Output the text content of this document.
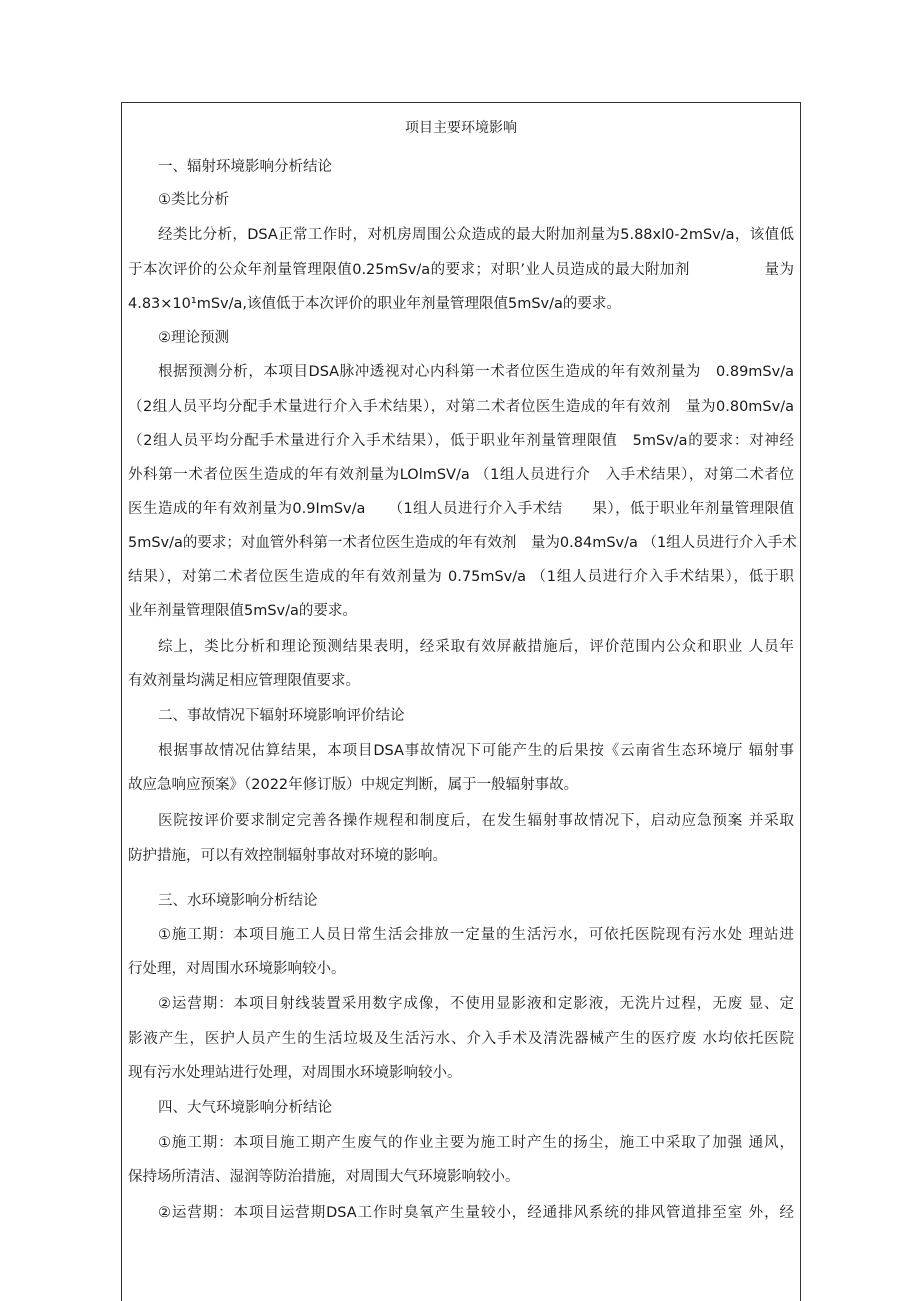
项目主要环境影响
一、辐射环境影响分析结论
①类比分析
经类比分析，DSA正常工作时，对机房周围公众造成的最大附加剂量为5.88xl0-2mSv/a，该值低
于本次评价的公众年剂量管理限值0.25mSv/a的要求；对职’业人员造成的最大附加剂　　　　　量为
4.83×10¹mSv/a,该值低于本次评价的职业年剂量管理限值5mSv/a的要求。
②理论预测
根据预测分析，本项目DSA脉冲透视对心内科第一术者位医生造成的年有效剂量为　0.89mSv/a
（2组人员平均分配手术量进行介入手术结果），对第二术者位医生造成的年有效剂　量为0.80mSv/a
（2组人员平均分配手术量进行介入手术结果），低于职业年剂量管理限值　5mSv/a的要求：对神经
外科第一术者位医生造成的年有效剂量为LOlmSV/a （1组人员进行介　入手术结果），对第二术者位
医生造成的年有效剂量为0.9ImSv/a　　（1组人员进行介入手术结　　果），低于职业年剂量管理限值
5mSv/a的要求；对血管外科第一术者位医生造成的年有效剂　量为0.84mSv/a （1组人员进行介入手术
结果），对第二术者位医生造成的年有效剂量为 0.75mSv/a （1组人员进行介入手术结果），低于职
业年剂量管理限值5mSv/a的要求。
综上，类比分析和理论预测结果表明，经采取有效屏蔽措施后，评价范围内公众和职业 人员年
有效剂量均满足相应管理限值要求。
二、事故情况下辐射环境影响评价结论
根据事故情况估算结果，本项目DSA事故情况下可能产生的后果按《云南省生态环境厅 辐射事
故应急响应预案》（2022年修订版）中规定判断，属于一般辐射事故。
医院按评价要求制定完善各操作规程和制度后，在发生辐射事故情况下，启动应急预案 并采取
防护措施，可以有效控制辐射事故对环境的影响。
三、水环境影响分析结论
①施工期：本项目施工人员日常生活会排放一定量的生活污水，可依托医院现有污水处 理站进
行处理，对周围水环境影响较小。
②运营期：本项目射线装置采用数字成像，不使用显影液和定影液，无洗片过程，无废 显、定
影液产生，医护人员产生的生活垃圾及生活污水、介入手术及清洗器械产生的医疗废 水均依托医院
现有污水处理站进行处理，对周围水环境影响较小。
四、大气环境影响分析结论
①施工期：本项目施工期产生废气的作业主要为施工时产生的扬尘，施工中采取了加强 通风，
保持场所清洁、湿润等防治措施，对周围大气环境影响较小。
②运营期：本项目运营期DSA工作时臭氧产生量较小，经通排风系统的排风管道排至室 外，经
